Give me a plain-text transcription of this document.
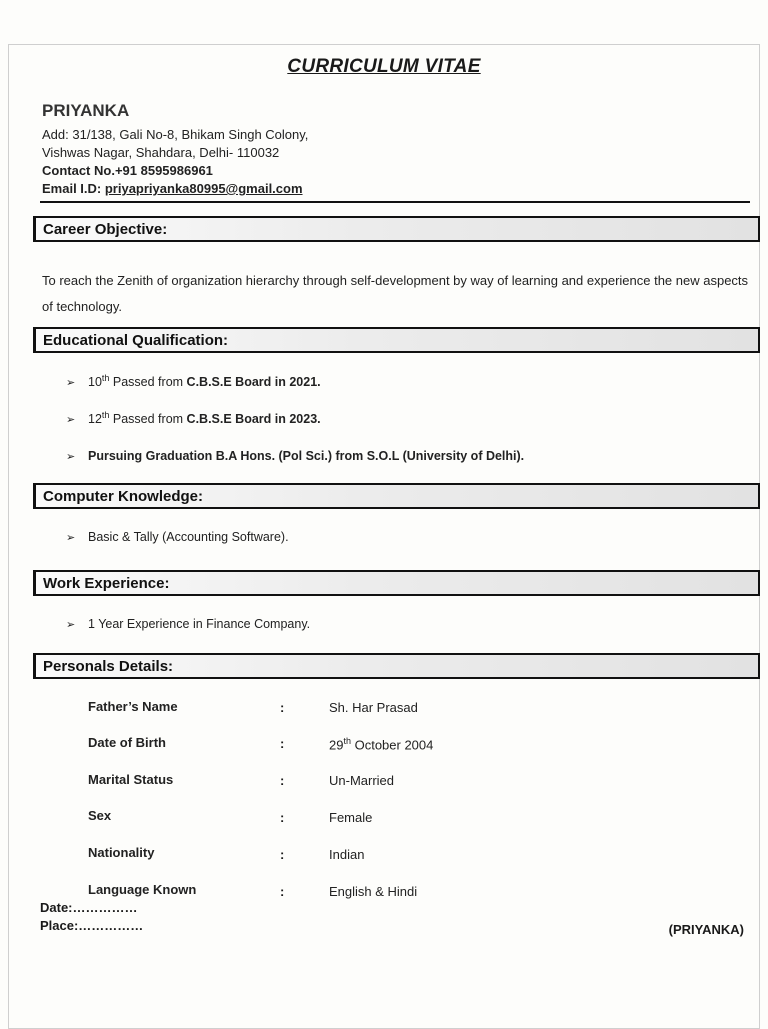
CURRICULUM VITAE
PRIYANKA
Add: 31/138, Gali No-8, Bhikam Singh Colony,
Vishwas Nagar, Shahdara, Delhi- 110032
Contact No.+91 8595986961
Email I.D: priyapriyanka80995@gmail.com
Career Objective:
To reach the Zenith of organization hierarchy through self-development by way of learning and experience the new aspects of technology.
Educational Qualification:
➢ 10th Passed from C.B.S.E Board in 2021.
➢ 12th Passed from C.B.S.E Board in 2023.
➢ Pursuing Graduation B.A Hons. (Pol Sci.) from S.O.L (University of Delhi).
Computer Knowledge:
➢ Basic & Tally (Accounting Software).
Work Experience:
➢ 1 Year Experience in Finance Company.
Personals Details:
Father’s Name	:	Sh. Har Prasad
Date of Birth	:	29th October 2004
Marital Status	:	Un-Married
Sex	:	Female
Nationality	:	Indian
Language Known	:	English & Hindi
Date:……………
Place:……………	(PRIYANKA)
